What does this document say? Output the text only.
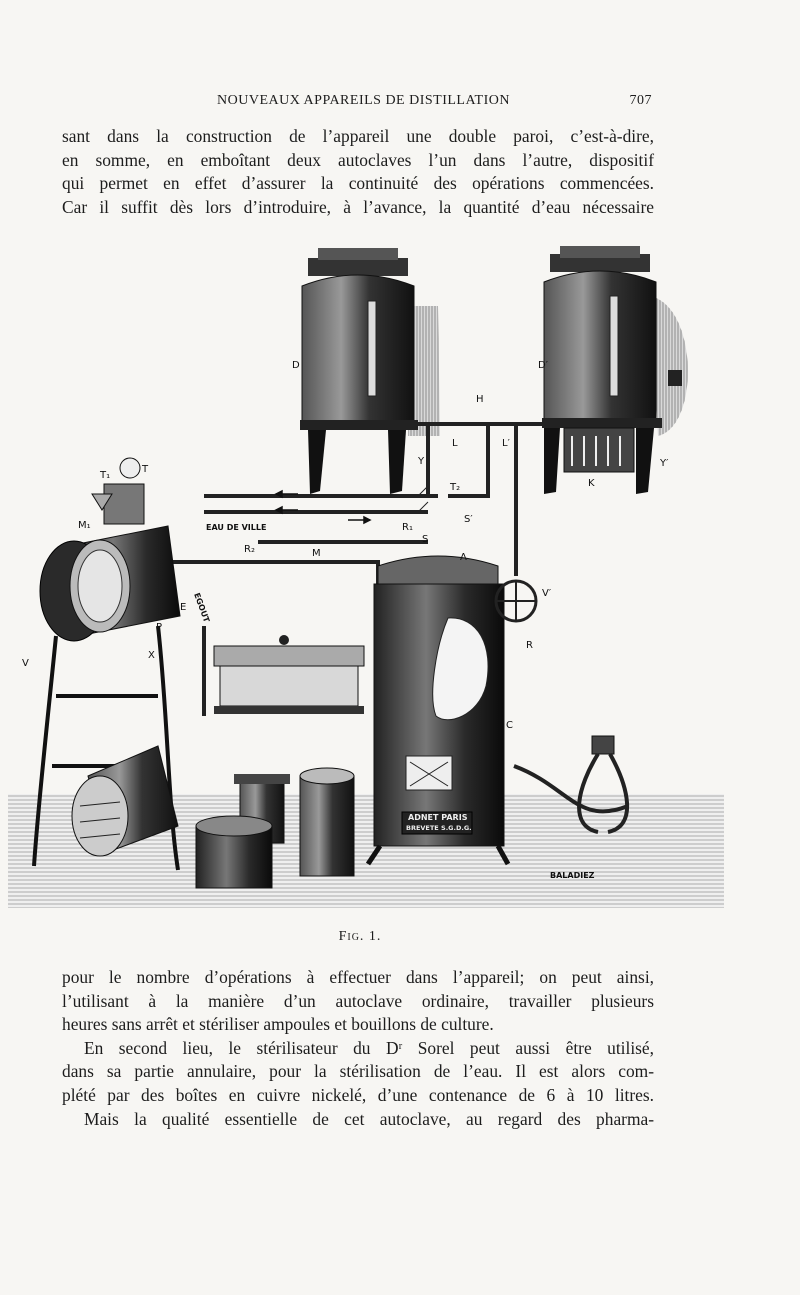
NOUVEAUX APPAREILS DE DISTILLATION	707
sant dans la construction de l’appareil une double paroi, c’est-à-dire,
en somme, en emboîtant deux autoclaves l’un dans l’autre, dispositif
qui permet en effet d’assurer la continuité des opérations commencées.
Car il suffit dès lors d’introduire, à l’avance, la quantité d’eau nécessaire
D	D′
H
L	L′
Y	Y′
K
T₂
R₁
R₂
S
S′
A
M
M₁
T
T₁
V
V′
R
E
C
P
X
EAU DE VILLE
EGOUT
ADNET PARIS
BREVETE S.G.D.G.
BALADIEZ
Fig. 1.
pour le nombre d’opérations à effectuer dans l’appareil; on peut ainsi,
l’utilisant à la manière d’un autoclave ordinaire, travailler plusieurs
heures sans arrêt et stériliser ampoules et bouillons de culture.
En second lieu, le stérilisateur du Dʳ Sorel peut aussi être utilisé,
dans sa partie annulaire, pour la stérilisation de l’eau. Il est alors com-
plété par des boîtes en cuivre nickelé, d’une contenance de 6 à 10 litres.
Mais la qualité essentielle de cet autoclave, au regard des pharma-
